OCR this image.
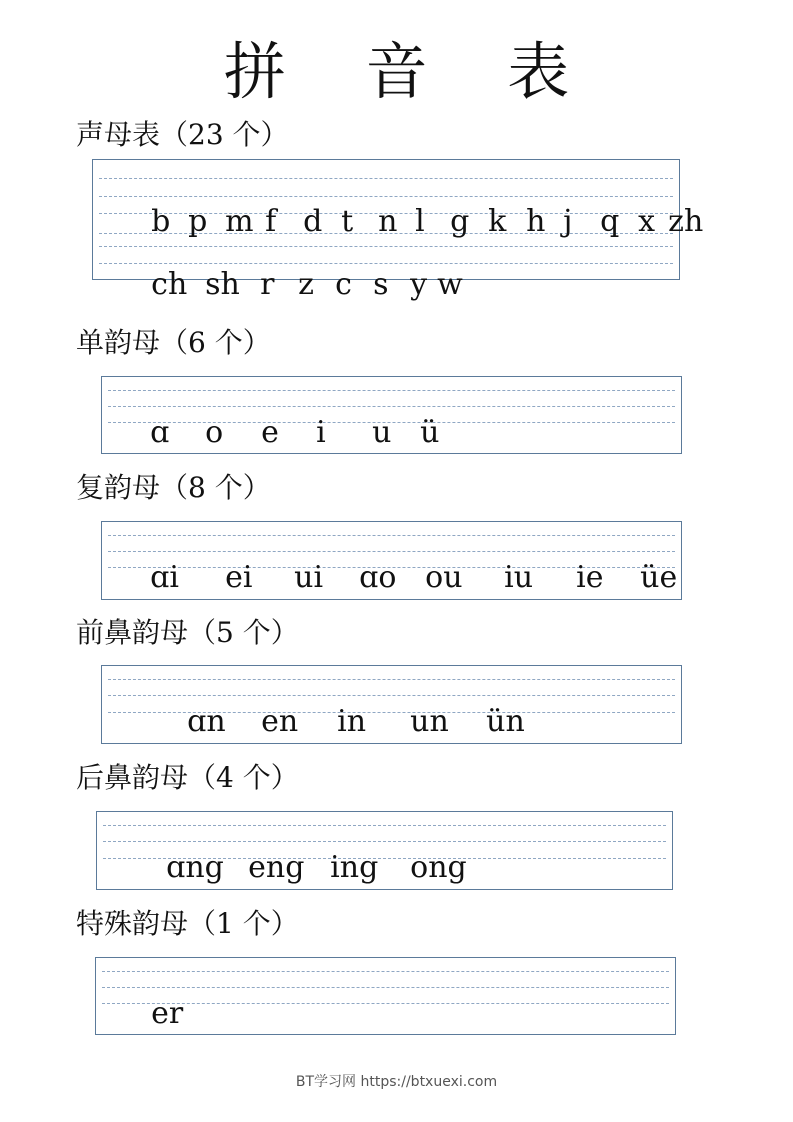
拼 音 表
声母表（23 个）

b p m f d t n l g k h j q x zh

ch sh r z c s y w

单韵母（6 个）

ɑ o e i u ü

复韵母（8 个）

ɑi ei ui ɑo ou iu ie üe

前鼻韵母（5 个）

ɑn en in un ün

后鼻韵母（4 个）

ɑng eng ing ong

特殊韵母（1 个）

er

BT学习网 https://btxuexi.com
